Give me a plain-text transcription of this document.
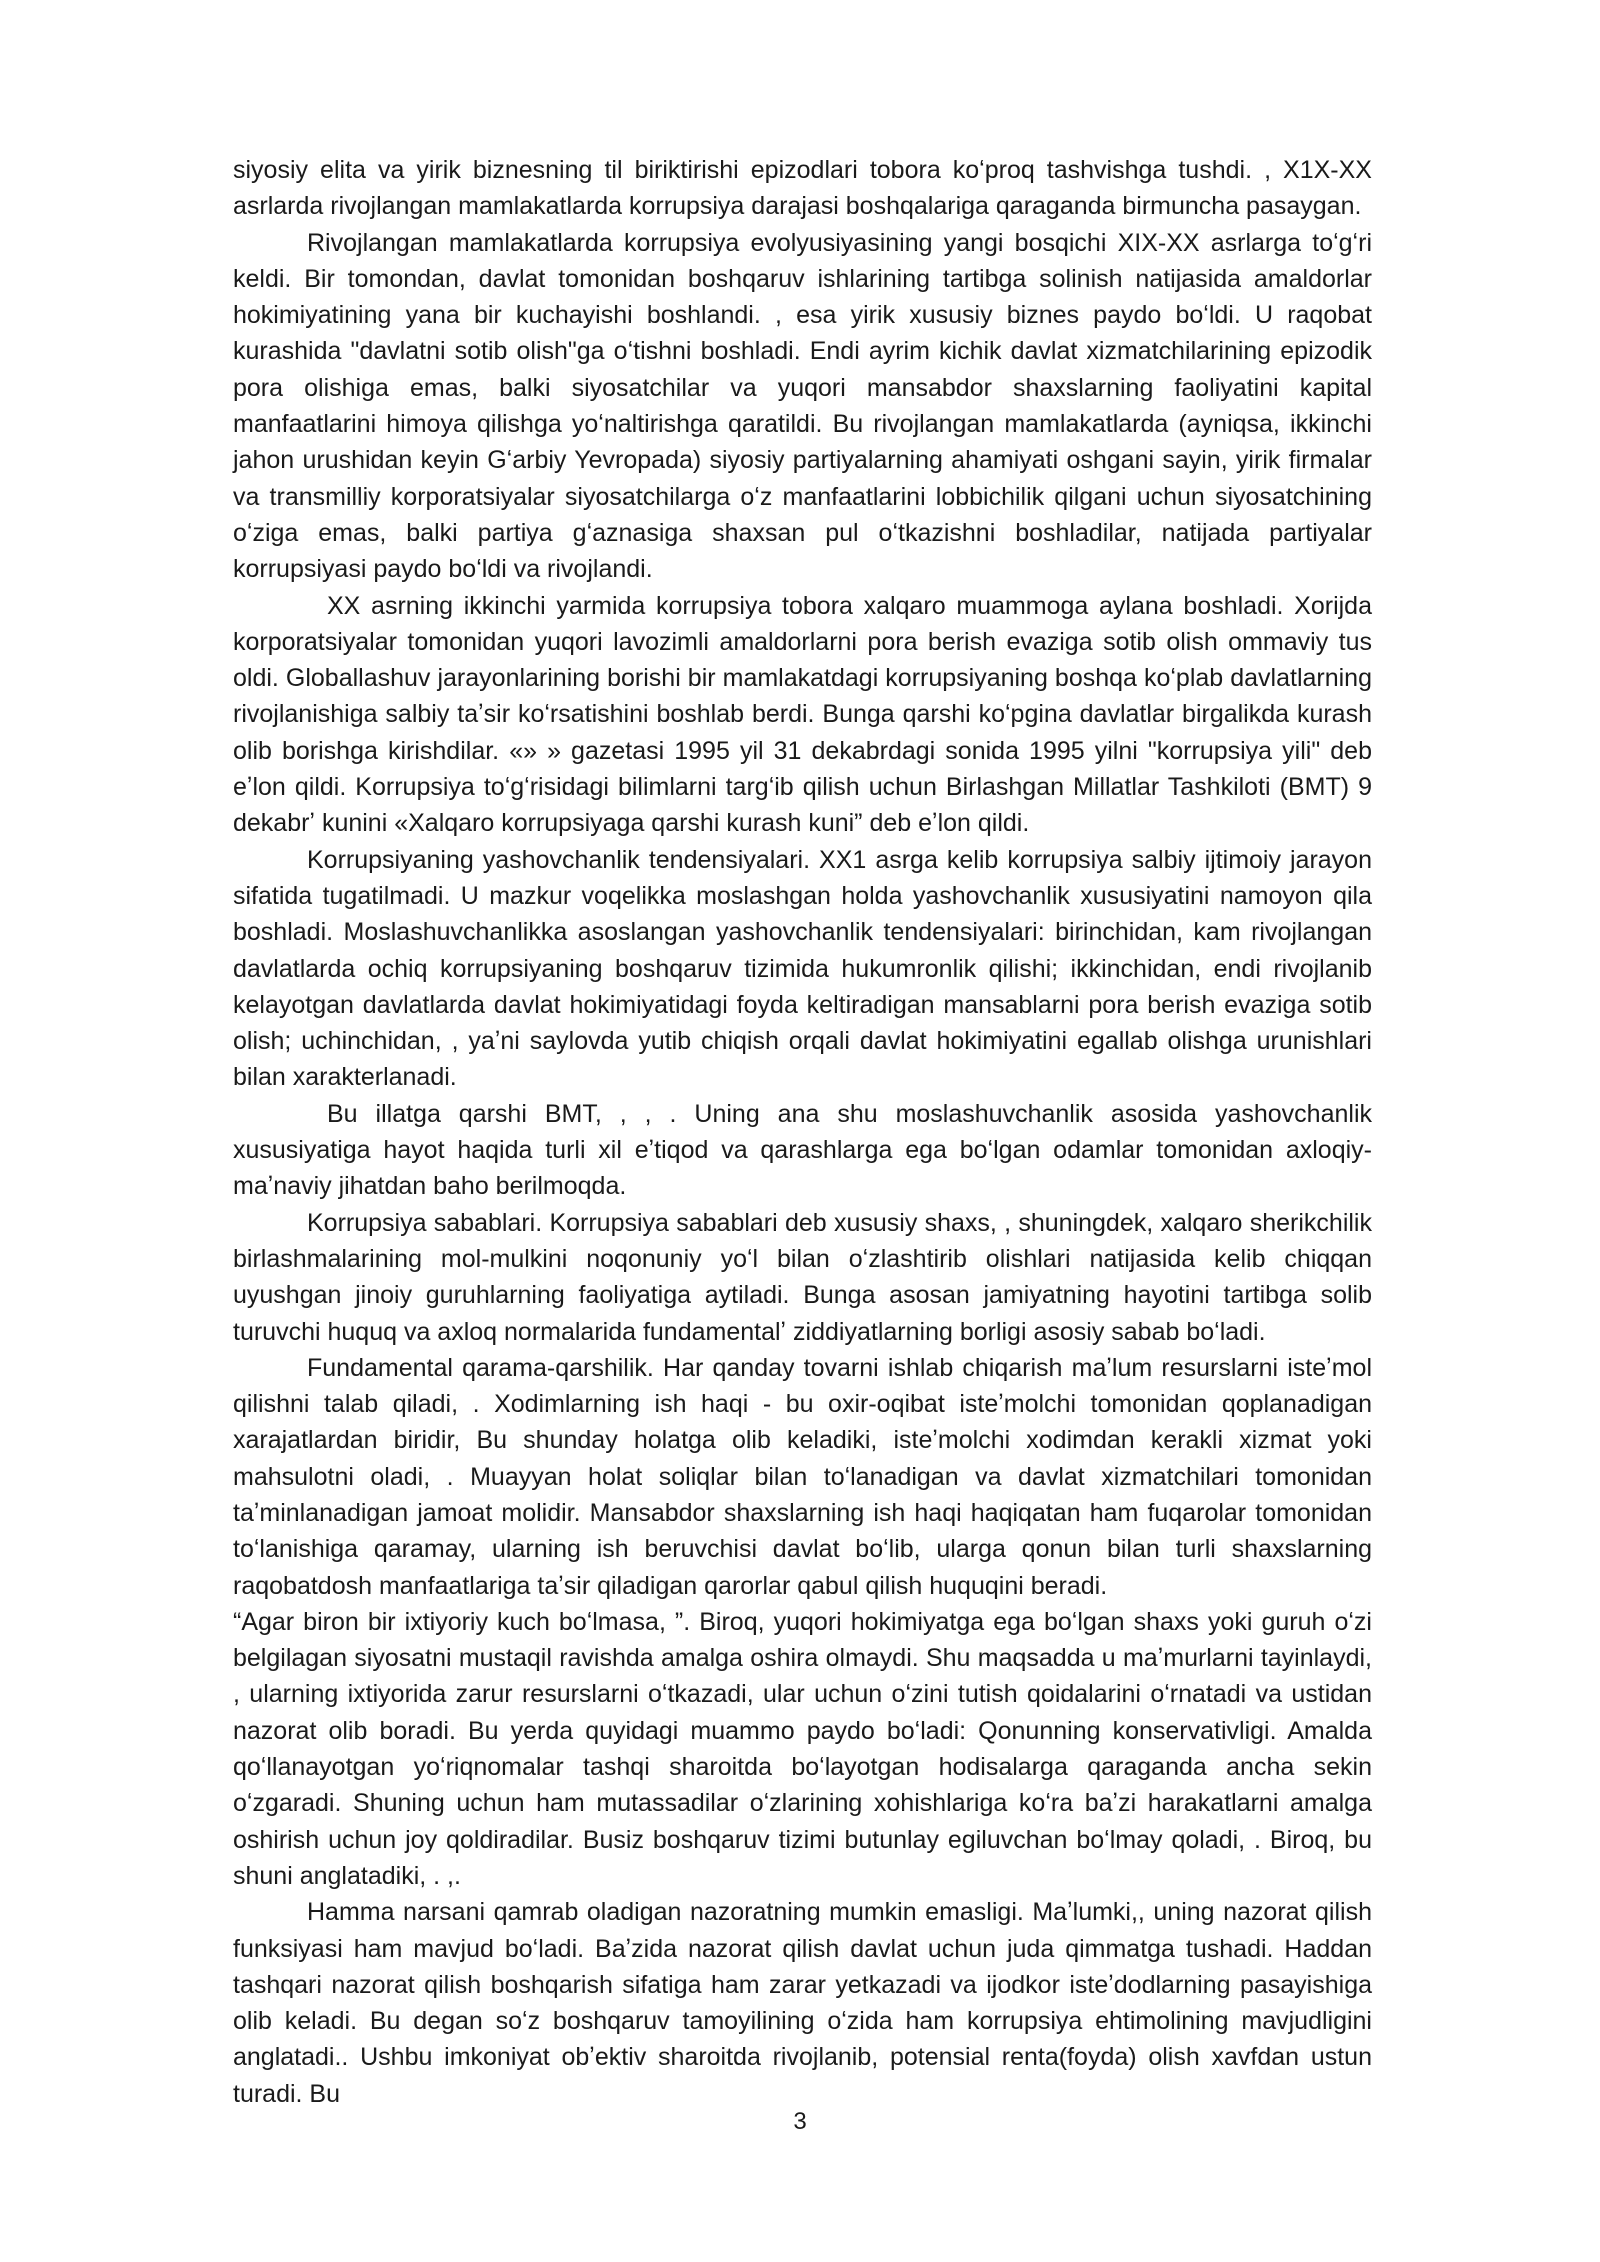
siyosiy elita va yirik biznesning til biriktirishi epizodlari tobora koʻproq tashvishga tushdi. , X1X-XX asrlarda rivojlangan mamlakatlarda korrupsiya darajasi boshqalariga qaraganda birmuncha pasaygan.

Rivojlangan mamlakatlarda korrupsiya evolyusiyasining yangi bosqichi XIX-XX asrlarga toʻgʻri keldi. Bir tomondan, davlat tomonidan boshqaruv ishlarining tartibga solinish natijasida amaldorlar hokimiyatining yana bir kuchayishi boshlandi. , esa yirik xususiy biznes paydo boʻldi. U raqobat kurashida "davlatni sotib olish"ga oʻtishni boshladi. Endi ayrim kichik davlat xizmatchilarining epizodik pora olishiga emas, balki siyosatchilar va yuqori mansabdor shaxslarning faoliyatini kapital manfaatlarini himoya qilishga yoʻnaltirishga qaratildi. Bu rivojlangan mamlakatlarda (ayniqsa, ikkinchi jahon urushidan keyin Gʻarbiy Yevropada) siyosiy partiyalarning ahamiyati oshgani sayin, yirik firmalar va transmilliy korporatsiyalar siyosatchilarga oʻz manfaatlarini lobbichilik qilgani uchun siyosatchining oʻziga emas, balki partiya gʻaznasiga shaxsan pul oʻtkazishni boshladilar, natijada partiyalar korrupsiyasi paydo boʻldi va rivojlandi.

XX asrning ikkinchi yarmida korrupsiya tobora xalqaro muammoga aylana boshladi. Xorijda korporatsiyalar tomonidan yuqori lavozimli amaldorlarni pora berish evaziga sotib olish ommaviy tus oldi. Globallashuv jarayonlarining borishi bir mamlakatdagi korrupsiyaning boshqa koʻplab davlatlarning rivojlanishiga salbiy taʼsir koʻrsatishini boshlab berdi. Bunga qarshi koʻpgina davlatlar birgalikda kurash olib borishga kirishdilar. «» » gazetasi 1995 yil 31 dekabrdagi sonida 1995 yilni "korrupsiya yili" deb eʼlon qildi. Korrupsiya toʻgʻrisidagi bilimlarni targʻib qilish uchun Birlashgan Millatlar Tashkiloti (BMT) 9 dekabrʼ kunini «Xalqaro korrupsiyaga qarshi kurash kuni” deb eʼlon qildi.

Korrupsiyaning yashovchanlik tendensiyalari. XX1 asrga kelib korrupsiya salbiy ijtimoiy jarayon sifatida tugatilmadi. U mazkur voqelikka moslashgan holda yashovchanlik xususiyatini namoyon qila boshladi. Moslashuvchanlikka asoslangan yashovchanlik tendensiyalari: birinchidan, kam rivojlangan davlatlarda ochiq korrupsiyaning boshqaruv tizimida hukumronlik qilishi; ikkinchidan, endi rivojlanib kelayotgan davlatlarda davlat hokimiyatidagi foyda keltiradigan mansablarni pora berish evaziga sotib olish; uchinchidan, , yaʼni saylovda yutib chiqish orqali davlat hokimiyatini egallab olishga urunishlari bilan xarakterlanadi.

Bu illatga qarshi BMT, , , . Uning ana shu moslashuvchanlik asosida yashovchanlik xususiyatiga hayot haqida turli xil eʼtiqod va qarashlarga ega boʻlgan odamlar tomonidan axloqiy-maʼnaviy jihatdan baho berilmoqda.

Korrupsiya sabablari. Korrupsiya sabablari deb xususiy shaxs, , shuningdek, xalqaro sherikchilik birlashmalarining mol-mulkini noqonuniy yoʻl bilan oʻzlashtirib olishlari natijasida kelib chiqqan uyushgan jinoiy guruhlarning faoliyatiga aytiladi. Bunga asosan jamiyatning hayotini tartibga solib turuvchi huquq va axloq normalarida fundamentalʼ ziddiyatlarning borligi asosiy sabab boʻladi.

Fundamental qarama-qarshilik. Har qanday tovarni ishlab chiqarish maʼlum resurslarni isteʼmol qilishni talab qiladi, . Xodimlarning ish haqi - bu oxir-oqibat isteʼmolchi tomonidan qoplanadigan xarajatlardan biridir, Bu shunday holatga olib keladiki, isteʼmolchi xodimdan kerakli xizmat yoki mahsulotni oladi, . Muayyan holat soliqlar bilan toʻlanadigan va davlat xizmatchilari tomonidan taʼminlanadigan jamoat molidir. Mansabdor shaxslarning ish haqi haqiqatan ham fuqarolar tomonidan toʻlanishiga qaramay, ularning ish beruvchisi davlat boʻlib, ularga qonun bilan turli shaxslarning raqobatdosh manfaatlariga taʼsir qiladigan qarorlar qabul qilish huquqini beradi.

“Agar biron bir ixtiyoriy kuch boʻlmasa, ”. Biroq, yuqori hokimiyatga ega boʻlgan shaxs yoki guruh oʻzi belgilagan siyosatni mustaqil ravishda amalga oshira olmaydi. Shu maqsadda u maʼmurlarni tayinlaydi, , ularning ixtiyorida zarur resurslarni oʻtkazadi, ular uchun oʻzini tutish qoidalarini oʻrnatadi va ustidan nazorat olib boradi. Bu yerda quyidagi muammo paydo boʻladi: Qonunning konservativligi. Amalda qoʻllanayotgan yoʻriqnomalar tashqi sharoitda boʻlayotgan hodisalarga qaraganda ancha sekin oʻzgaradi. Shuning uchun ham mutassadilar oʻzlarining xohishlariga koʻra baʼzi harakatlarni amalga oshirish uchun joy qoldiradilar. Busiz boshqaruv tizimi butunlay egiluvchan boʻlmay qoladi, . Biroq, bu shuni anglatadiki, . ,.

Hamma narsani qamrab oladigan nazoratning mumkin emasligi. Maʼlumki,, uning nazorat qilish funksiyasi ham mavjud boʻladi. Baʼzida nazorat qilish davlat uchun juda qimmatga tushadi. Haddan tashqari nazorat qilish boshqarish sifatiga ham zarar yetkazadi va ijodkor isteʼdodlarning pasayishiga olib keladi. Bu degan soʻz boshqaruv tamoyilining oʻzida ham korrupsiya ehtimolining mavjudligini anglatadi.. Ushbu imkoniyat obʼektiv sharoitda rivojlanib, potensial renta(foyda) olish xavfdan ustun turadi. Bu

3
